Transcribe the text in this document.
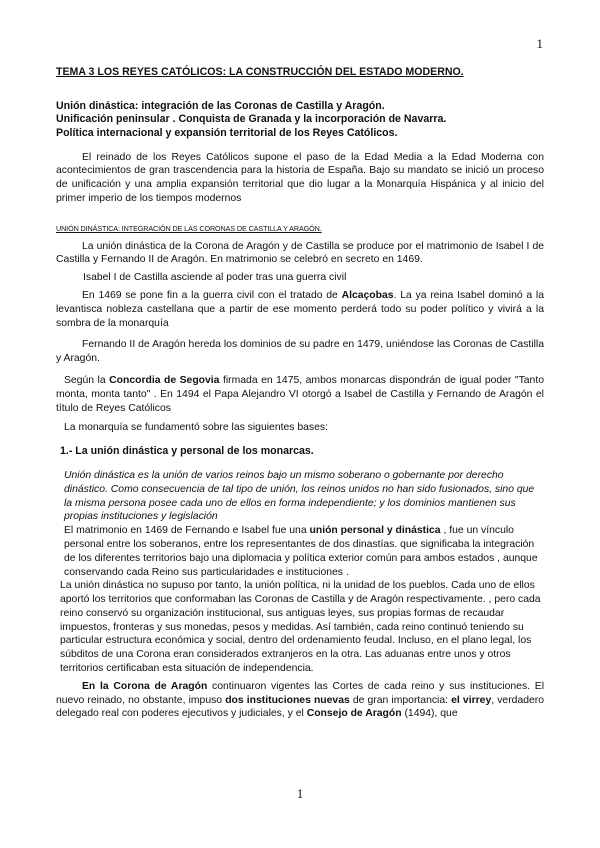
1
TEMA 3 LOS REYES CATÓLICOS: LA CONSTRUCCIÓN DEL ESTADO MODERNO.
Unión dinástica: integración de las Coronas de Castilla y Aragón.
Unificación peninsular . Conquista de Granada y la incorporación de Navarra.
Política internacional y expansión territorial de los Reyes Católicos.

El reinado de los Reyes Católicos supone el paso de la Edad Media a la Edad Moderna con acontecimientos de gran trascendencia para la historia de España. Bajo su mandato se inició un proceso de unificación y una amplia expansión territorial que dio lugar a la Monarquía Hispánica y al inicio del primer imperio de los tiempos modernos

UNIÓN DINÁSTICA: INTEGRACIÓN DE LAS CORONAS DE CASTILLA Y ARAGÓN.

La unión dinástica de la Corona de Aragón y de Castilla se produce por el matrimonio de Isabel I de Castilla y Fernando II de Aragón. En matrimonio se celebró en secreto en 1469.

Isabel I de Castilla asciende al poder tras una guerra civil

En 1469 se pone fin a la guerra civil con el tratado de Alcaçobas. La ya reina Isabel dominó a la levantisca nobleza castellana que a partir de ese momento perderá todo su poder político y vivirá a la sombra de la monarquía

Fernando II de Aragón hereda los dominios de su padre en 1479, uniéndose las Coronas de Castilla y Aragón.

Según la Concordia de Segovia firmada en 1475, ambos monarcas dispondrán de igual poder "Tanto monta, monta tanto" . En 1494 el Papa Alejandro VI otorgó a Isabel de Castilla y Fernando de Aragón el título de Reyes Católicos

La monarquía se fundamentó sobre las siguientes bases:

1.- La unión dinástica y personal de los monarcas.

Unión dinástica es la unión de varios reinos bajo un mismo soberano o gobernante por derecho dinástico. Como consecuencia de tal tipo de unión, los reinos unidos no han sido fusionados, sino que la misma persona posee cada uno de ellos en forma independiente; y los dominios mantienen sus propias instituciones y legislación

El matrimonio en 1469 de Fernando e Isabel fue una unión personal y dinástica , fue un vínculo personal entre los soberanos, entre los representantes de dos dinastías. que significaba la integración de los diferentes territorios bajo una diplomacia y política exterior común para ambos estados , aunque conservando cada Reino sus particularidades e instituciones .

La unión dinástica no supuso por tanto, la unión política, ni la unidad de los pueblos. Cada uno de ellos aportó los territorios que conformaban las Coronas de Castilla y de Aragón respectivamente. , pero cada reino conservó su organización institucional, sus antiguas leyes, sus propias formas de recaudar impuestos, fronteras y sus monedas, pesos y medidas. Así también, cada reino continuó teniendo su particular estructura económica y social, dentro del ordenamiento feudal. Incluso, en el plano legal, los súbditos de una Corona eran considerados extranjeros en la otra. Las aduanas entre unos y otros territorios certificaban esta situación de independencia.

En la Corona de Aragón continuaron vigentes las Cortes de cada reino y sus instituciones. El nuevo reinado, no obstante, impuso dos instituciones nuevas de gran importancia: el virrey, verdadero delegado real con poderes ejecutivos y judiciales, y el Consejo de Aragón (1494), que

1
